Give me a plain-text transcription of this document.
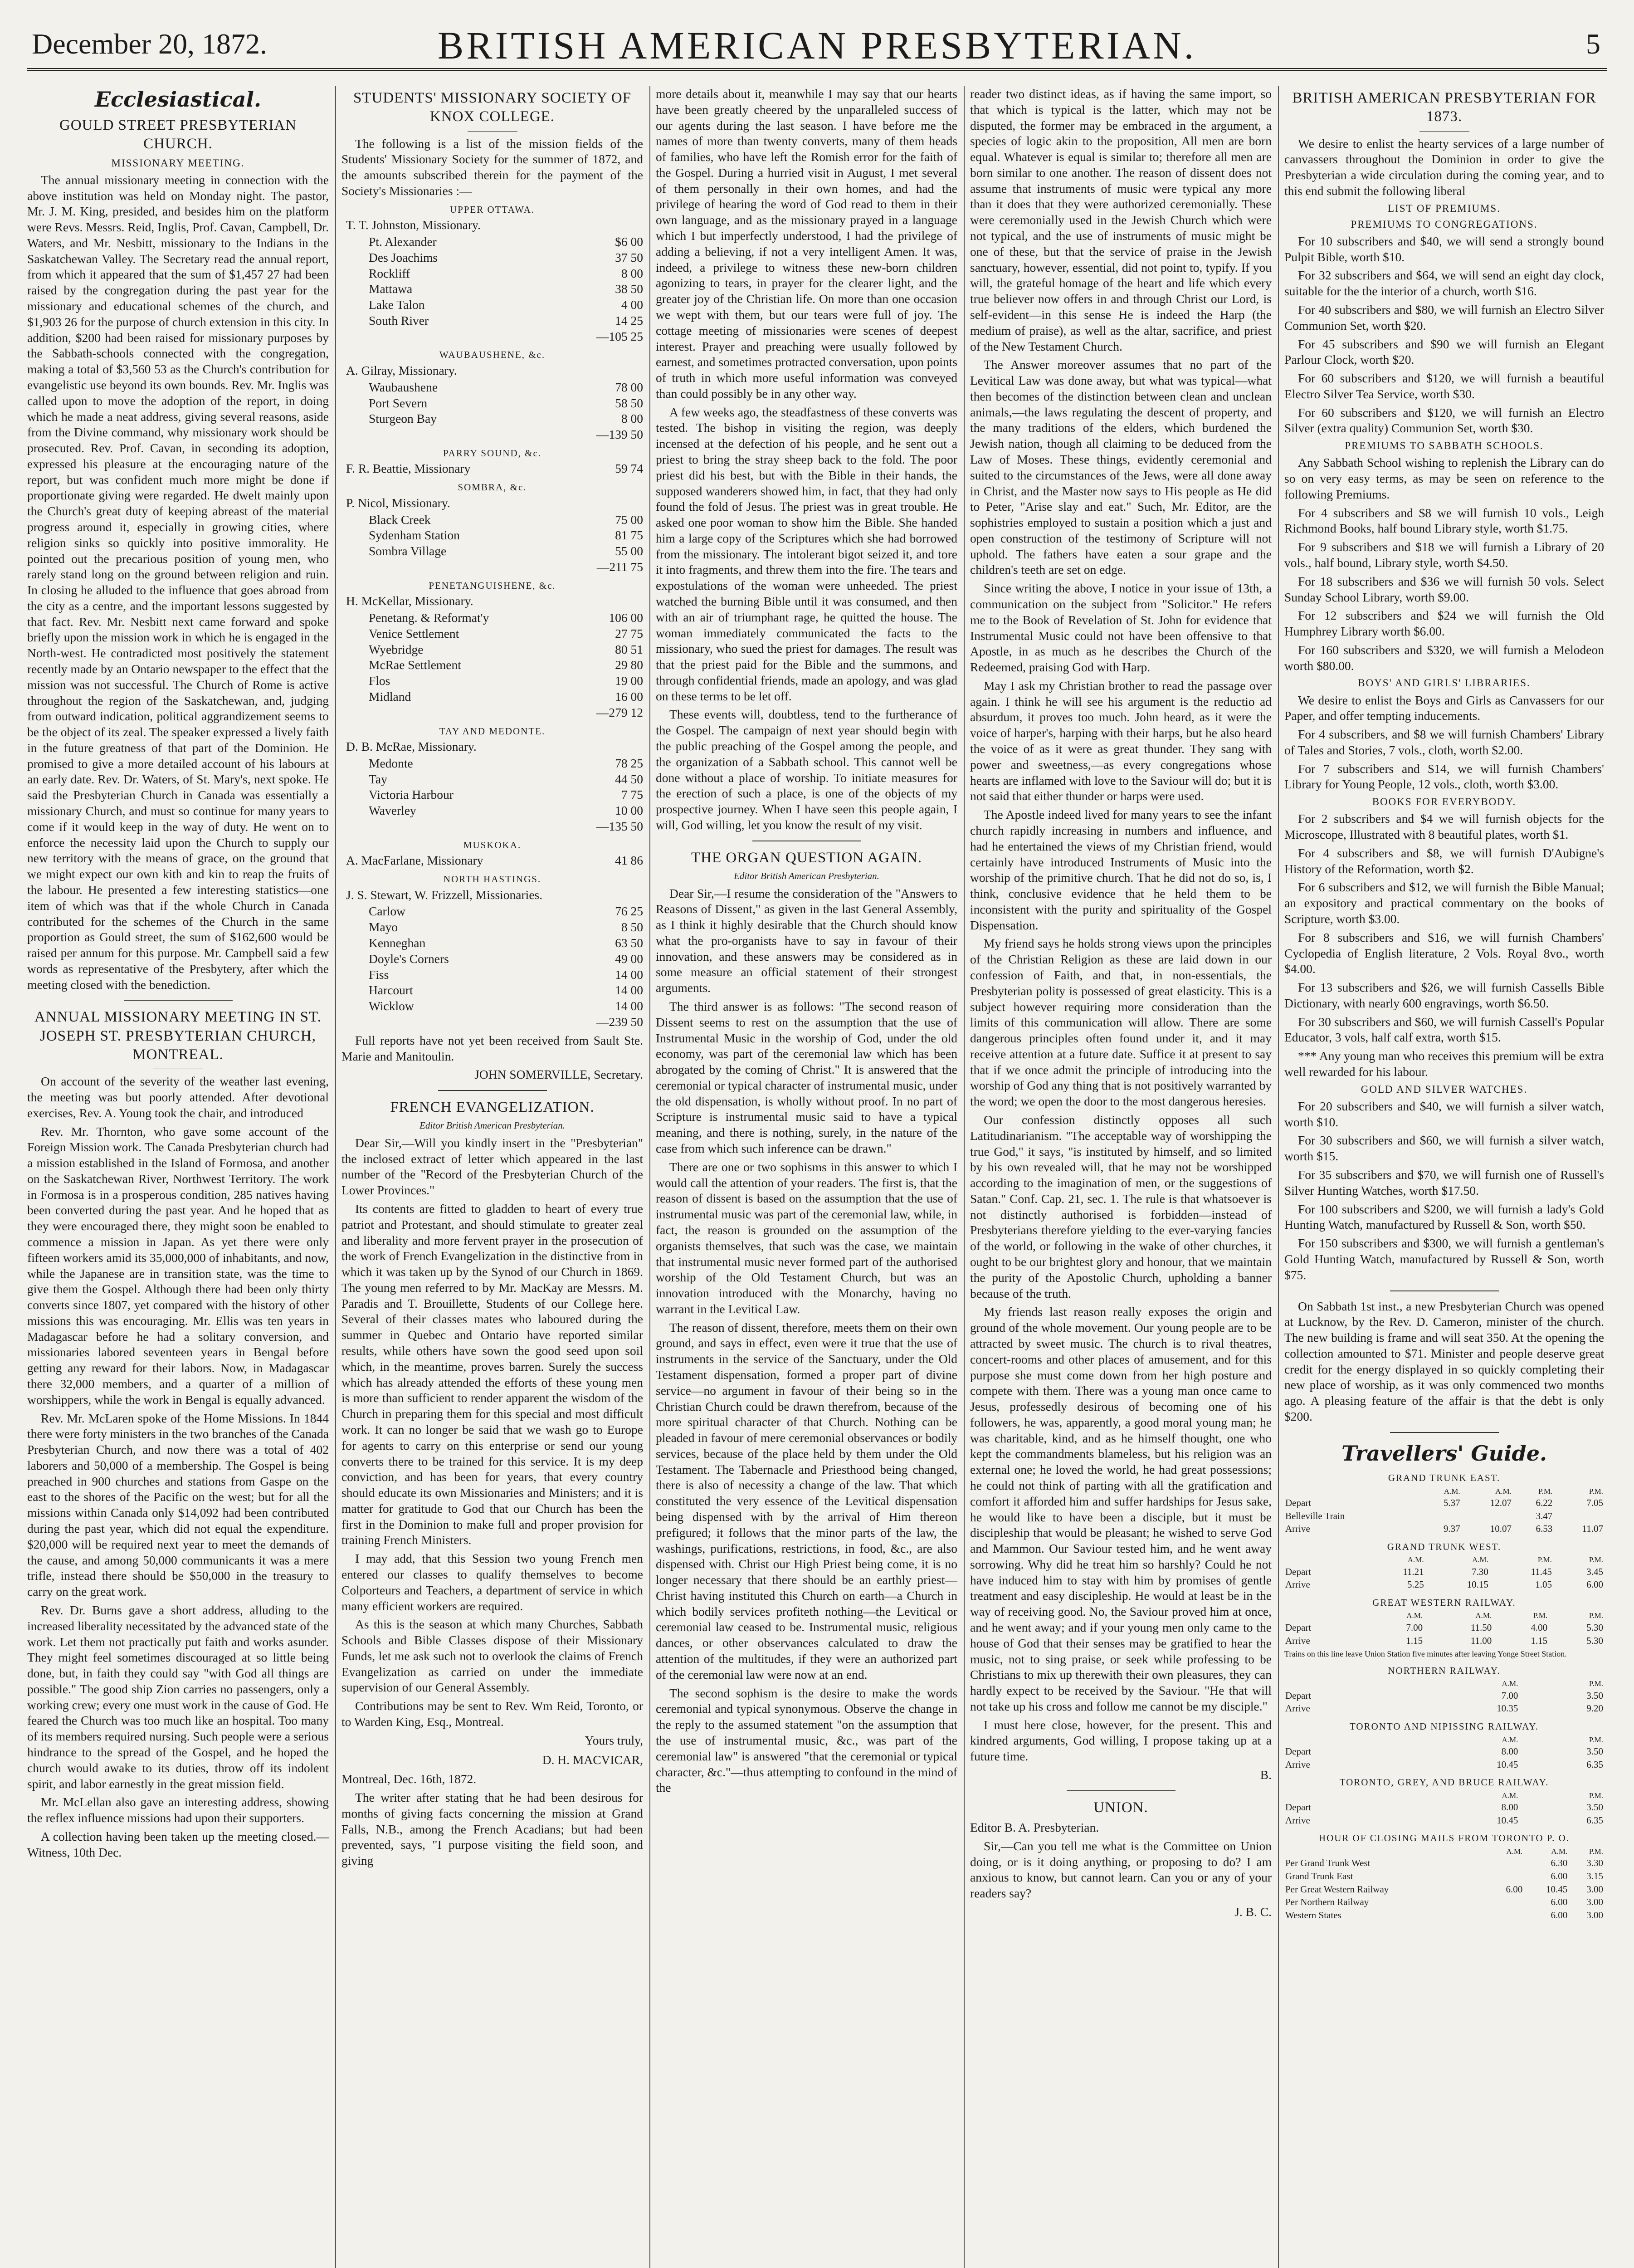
December 20, 1872.	BRITISH AMERICAN PRESBYTERIAN.	5
Ecclesiastical.
GOULD STREET PRESBYTERIAN CHURCH.
MISSIONARY MEETING.

The annual missionary meeting in connection with the above institution was held on Monday night. The pastor, Mr. J. M. King, presided, and besides him on the platform were Revs. Messrs. Reid, Inglis, Prof. Cavan, Campbell, Dr. Waters, and Mr. Nesbitt, missionary to the Indians in the Saskatchewan Valley. The Secretary read the annual report, from which it appeared that the sum of $1,457 27 had been raised by the congregation during the past year for the missionary and educational schemes of the church, and $1,903 26 for the purpose of church extension in this city. In addition, $200 had been raised for missionary purposes by the Sabbath-schools connected with the congregation, making a total of $3,560 53 as the Church's contribution for evangelistic use beyond its own bounds. Rev. Mr. Inglis was called upon to move the adoption of the report, in doing which he made a neat address, giving several reasons, aside from the Divine command, why missionary work should be prosecuted. Rev. Prof. Cavan, in seconding its adoption, expressed his pleasure at the encouraging nature of the report, but was confident much more might be done if proportionate giving were regarded. He dwelt mainly upon the Church's great duty of keeping abreast of the material progress around it, especially in growing cities, where religion sinks so quickly into positive immorality. He pointed out the precarious position of young men, who rarely stand long on the ground between religion and ruin. In closing he alluded to the influence that goes abroad from the city as a centre, and the important lessons suggested by that fact. Rev. Mr. Nesbitt next came forward and spoke briefly upon the mission work in which he is engaged in the North-west. He contradicted most positively the statement recently made by an Ontario newspaper to the effect that the mission was not successful. The Church of Rome is active throughout the region of the Saskatchewan, and, judging from outward indication, political aggrandizement seems to be the object of its zeal. The speaker expressed a lively faith in the future greatness of that part of the Dominion. He promised to give a more detailed account of his labours at an early date. Rev. Dr. Waters, of St. Mary's, next spoke. He said the Presbyterian Church in Canada was essentially a missionary Church, and must so continue for many years to come if it would keep in the way of duty. He went on to enforce the necessity laid upon the Church to supply our new territory with the means of grace, on the ground that we might expect our own kith and kin to reap the fruits of the labour. He presented a few interesting statistics—one item of which was that if the whole Church in Canada contributed for the schemes of the Church in the same proportion as Gould street, the sum of $162,600 would be raised per annum for this purpose. Mr. Campbell said a few words as representative of the Presbytery, after which the meeting closed with the benediction.

ANNUAL MISSIONARY MEETING IN ST. JOSEPH ST. PRESBYTERIAN CHURCH, MONTREAL.

On account of the severity of the weather last evening, the meeting was but poorly attended. After devotional exercises, Rev. A. Young took the chair, and introduced

Rev. Mr. Thornton, who gave some account of the Foreign Mission work. The Canada Presbyterian church had a mission established in the Island of Formosa, and another on the Saskatchewan River, Northwest Territory. The work in Formosa is in a prosperous condition, 285 natives having been converted during the past year. And he hoped that as they were encouraged there, they might soon be enabled to commence a mission in Japan. As yet there were only fifteen workers amid its 35,000,000 of inhabitants, and now, while the Japanese are in transition state, was the time to give them the Gospel. Although there had been only thirty converts since 1807, yet compared with the history of other missions this was encouraging. Mr. Ellis was ten years in Madagascar before he had a solitary conversion, and missionaries labored seventeen years in Bengal before getting any reward for their labors. Now, in Madagascar there 32,000 members, and a quarter of a million of worshippers, while the work in Bengal is equally advanced.

Rev. Mr. McLaren spoke of the Home Missions. In 1844 there were forty ministers in the two branches of the Canada Presbyterian Church, and now there was a total of 402 laborers and 50,000 of a membership. The Gospel is being preached in 900 churches and stations from Gaspe on the east to the shores of the Pacific on the west; but for all the missions within Canada only $14,092 had been contributed during the past year, which did not equal the expenditure. $20,000 will be required next year to meet the demands of the cause, and among 50,000 communicants it was a mere trifle, instead there should be $50,000 in the treasury to carry on the great work.

Rev. Dr. Burns gave a short address, alluding to the increased liberality necessitated by the advanced state of the work. Let them not practically put faith and works asunder. They might feel sometimes discouraged at so little being done, but, in faith they could say "with God all things are possible." The good ship Zion carries no passengers, only a working crew; every one must work in the cause of God. He feared the Church was too much like an hospital. Too many of its members required nursing. Such people were a serious hindrance to the spread of the Gospel, and he hoped the church would awake to its duties, throw off its indolent spirit, and labor earnestly in the great mission field.

Mr. McLellan also gave an interesting address, showing the reflex influence missions had upon their supporters.

A collection having been taken up the meeting closed.—Witness, 10th Dec.

STUDENTS' MISSIONARY SOCIETY OF KNOX COLLEGE.

The following is a list of the mission fields of the Students' Missionary Society for the summer of 1872, and the amounts subscribed therein for the payment of the Society's Missionaries :—

UPPER OTTAWA.
T. T. Johnston, Missionary.
Pt. Alexander	$6 00
Des Joachims	37 50
Rockliff	8 00
Mattawa	38 50
Lake Talon	4 00
South River	14 25
—105 25
WAUBAUSHENE, &c.
A. Gilray, Missionary.
Waubaushene	78 00
Port Severn	58 50
Sturgeon Bay	8 00
—139 50
PARRY SOUND, &c.
F. R. Beattie, Missionary	59 74
SOMBRA, &c.
P. Nicol, Missionary.
Black Creek	75 00
Sydenham Station	81 75
Sombra Village	55 00
—211 75
PENETANGUISHENE, &c.
H. McKellar, Missionary.
Penetang. & Reformat'y	106 00
Venice Settlement	27 75
Wyebridge	80 51
McRae Settlement	29 80
Flos	19 00
Midland	16 00
—279 12
TAY AND MEDONTE.
D. B. McRae, Missionary.
Medonte	78 25
Tay	44 50
Victoria Harbour	7 75
Waverley	10 00
—135 50
MUSKOKA.
A. MacFarlane, Missionary	41 86
NORTH HASTINGS.
J. S. Stewart, W. Frizzell, Missionaries.
Carlow	76 25
Mayo	8 50
Kenneghan	63 50
Doyle's Corners	49 00
Fiss	14 00
Harcourt	14 00
Wicklow	14 00
—239 50

Full reports have not yet been received from Sault Ste. Marie and Manitoulin.

JOHN SOMERVILLE, Secretary.
FRENCH EVANGELIZATION.
Editor British American Presbyterian.

Dear Sir,—Will you kindly insert in the "Presbyterian" the inclosed extract of letter which appeared in the last number of the "Record of the Presbyterian Church of the Lower Provinces."

Its contents are fitted to gladden to heart of every true patriot and Protestant, and should stimulate to greater zeal and liberality and more fervent prayer in the prosecution of the work of French Evangelization in the distinctive from in which it was taken up by the Synod of our Church in 1869. The young men referred to by Mr. MacKay are Messrs. M. Paradis and T. Brouillette, Students of our College here. Several of their classes mates who laboured during the summer in Quebec and Ontario have reported similar results, while others have sown the good seed upon soil which, in the meantime, proves barren. Surely the success which has already attended the efforts of these young men is more than sufficient to render apparent the wisdom of the Church in preparing them for this special and most difficult work. It can no longer be said that we wash go to Europe for agents to carry on this enterprise or send our young converts there to be trained for this service. It is my deep conviction, and has been for years, that every country should educate its own Missionaries and Ministers; and it is matter for gratitude to God that our Church has been the first in the Dominion to make full and proper provision for training French Ministers.

I may add, that this Session two young French men entered our classes to qualify themselves to become Colporteurs and Teachers, a department of service in which many efficient workers are required.

As this is the season at which many Churches, Sabbath Schools and Bible Classes dispose of their Missionary Funds, let me ask such not to overlook the claims of French Evangelization as carried on under the immediate supervision of our General Assembly.

Contributions may be sent to Rev. Wm Reid, Toronto, or to Warden King, Esq., Montreal.

Yours truly,
D. H. MACVICAR,

Montreal, Dec. 16th, 1872.

The writer after stating that he had been desirous for months of giving facts concerning the mission at Grand Falls, N.B., among the French Acadians; but had been prevented, says, "I purpose visiting the field soon, and giving

more details about it, meanwhile I may say that our hearts have been greatly cheered by the unparalleled success of our agents during the last season. I have before me the names of more than twenty converts, many of them heads of families, who have left the Romish error for the faith of the Gospel. During a hurried visit in August, I met several of them personally in their own homes, and had the privilege of hearing the word of God read to them in their own language, and as the missionary prayed in a language which I but imperfectly understood, I had the privilege of adding a believing, if not a very intelligent Amen. It was, indeed, a privilege to witness these new-born children agonizing to tears, in prayer for the clearer light, and the greater joy of the Christian life. On more than one occasion we wept with them, but our tears were full of joy. The cottage meeting of missionaries were scenes of deepest interest. Prayer and preaching were usually followed by earnest, and sometimes protracted conversation, upon points of truth in which more useful information was conveyed than could possibly be in any other way.

A few weeks ago, the steadfastness of these converts was tested. The bishop in visiting the region, was deeply incensed at the defection of his people, and he sent out a priest to bring the stray sheep back to the fold. The poor priest did his best, but with the Bible in their hands, the supposed wanderers showed him, in fact, that they had only found the fold of Jesus. The priest was in great trouble. He asked one poor woman to show him the Bible. She handed him a large copy of the Scriptures which she had borrowed from the missionary. The intolerant bigot seized it, and tore it into fragments, and threw them into the fire. The tears and expostulations of the woman were unheeded. The priest watched the burning Bible until it was consumed, and then with an air of triumphant rage, he quitted the house. The woman immediately communicated the facts to the missionary, who sued the priest for damages. The result was that the priest paid for the Bible and the summons, and through confidential friends, made an apology, and was glad on these terms to be let off.

These events will, doubtless, tend to the furtherance of the Gospel. The campaign of next year should begin with the public preaching of the Gospel among the people, and the organization of a Sabbath school. This cannot well be done without a place of worship. To initiate measures for the erection of such a place, is one of the objects of my prospective journey. When I have seen this people again, I will, God willing, let you know the result of my visit.

THE ORGAN QUESTION AGAIN.
Editor British American Presbyterian.

Dear Sir,—I resume the consideration of the "Answers to Reasons of Dissent," as given in the last General Assembly, as I think it highly desirable that the Church should know what the pro-organists have to say in favour of their innovation, and these answers may be considered as in some measure an official statement of their strongest arguments.

The third answer is as follows: "The second reason of Dissent seems to rest on the assumption that the use of Instrumental Music in the worship of God, under the old economy, was part of the ceremonial law which has been abrogated by the coming of Christ." It is answered that the ceremonial or typical character of instrumental music, under the old dispensation, is wholly without proof. In no part of Scripture is instrumental music said to have a typical meaning, and there is nothing, surely, in the nature of the case from which such inference can be drawn."

There are one or two sophisms in this answer to which I would call the attention of your readers. The first is, that the reason of dissent is based on the assumption that the use of instrumental music was part of the ceremonial law, while, in fact, the reason is grounded on the assumption of the organists themselves, that such was the case, we maintain that instrumental music never formed part of the authorised worship of the Old Testament Church, but was an innovation introduced with the Monarchy, having no warrant in the Levitical Law.

The reason of dissent, therefore, meets them on their own ground, and says in effect, even were it true that the use of instruments in the service of the Sanctuary, under the Old Testament dispensation, formed a proper part of divine service—no argument in favour of their being so in the Christian Church could be drawn therefrom, because of the more spiritual character of that Church. Nothing can be pleaded in favour of mere ceremonial observances or bodily services, because of the place held by them under the Old Testament. The Tabernacle and Priesthood being changed, there is also of necessity a change of the law. That which constituted the very essence of the Levitical dispensation being dispensed with by the arrival of Him thereon prefigured; it follows that the minor parts of the law, the washings, purifications, restrictions, in food, &c., are also dispensed with. Christ our High Priest being come, it is no longer necessary that there should be an earthly priest—Christ having instituted this Church on earth—a Church in which bodily services profiteth nothing—the Levitical or ceremonial law ceased to be. Instrumental music, religious dances, or other observances calculated to draw the attention of the multitudes, if they were an authorized part of the ceremonial law were now at an end.

The second sophism is the desire to make the words ceremonial and typical synonymous. Observe the change in the reply to the assumed statement "on the assumption that the use of instrumental music, &c., was part of the ceremonial law" is answered "that the ceremonial or typical character, &c."—thus attempting to confound in the mind of the

reader two distinct ideas, as if having the same import, so that which is typical is the latter, which may not be disputed, the former may be embraced in the argument, a species of logic akin to the proposition, All men are born equal. Whatever is equal is similar to; therefore all men are born similar to one another. The reason of dissent does not assume that instruments of music were typical any more than it does that they were authorized ceremonially. These were ceremonially used in the Jewish Church which were not typical, and the use of instruments of music might be one of these, but that the service of praise in the Jewish sanctuary, however, essential, did not point to, typify. If you will, the grateful homage of the heart and life which every true believer now offers in and through Christ our Lord, is self-evident—in this sense He is indeed the Harp (the medium of praise), as well as the altar, sacrifice, and priest of the New Testament Church.

The Answer moreover assumes that no part of the Levitical Law was done away, but what was typical—what then becomes of the distinction between clean and unclean animals,—the laws regulating the descent of property, and the many traditions of the elders, which burdened the Jewish nation, though all claiming to be deduced from the Law of Moses. These things, evidently ceremonial and suited to the circumstances of the Jews, were all done away in Christ, and the Master now says to His people as He did to Peter, "Arise slay and eat." Such, Mr. Editor, are the sophistries employed to sustain a position which a just and open construction of the testimony of Scripture will not uphold. The fathers have eaten a sour grape and the children's teeth are set on edge.

Since writing the above, I notice in your issue of 13th, a communication on the subject from "Solicitor." He refers me to the Book of Revelation of St. John for evidence that Instrumental Music could not have been offensive to that Apostle, in as much as he describes the Church of the Redeemed, praising God with Harp.

May I ask my Christian brother to read the passage over again. I think he will see his argument is the reductio ad absurdum, it proves too much. John heard, as it were the voice of harper's, harping with their harps, but he also heard the voice of as it were as great thunder. They sang with power and sweetness,—as every congregations whose hearts are inflamed with love to the Saviour will do; but it is not said that either thunder or harps were used.

The Apostle indeed lived for many years to see the infant church rapidly increasing in numbers and influence, and had he entertained the views of my Christian friend, would certainly have introduced Instruments of Music into the worship of the primitive church. That he did not do so, is, I think, conclusive evidence that he held them to be inconsistent with the purity and spirituality of the Gospel Dispensation.

My friend says he holds strong views upon the principles of the Christian Religion as these are laid down in our confession of Faith, and that, in non-essentials, the Presbyterian polity is possessed of great elasticity. This is a subject however requiring more consideration than the limits of this communication will allow. There are some dangerous principles often found under it, and it may receive attention at a future date. Suffice it at present to say that if we once admit the principle of introducing into the worship of God any thing that is not positively warranted by the word; we open the door to the most dangerous heresies.

Our confession distinctly opposes all such Latitudinarianism. "The acceptable way of worshipping the true God," it says, "is instituted by himself, and so limited by his own revealed will, that he may not be worshipped according to the imagination of men, or the suggestions of Satan." Conf. Cap. 21, sec. 1. The rule is that whatsoever is not distinctly authorised is forbidden—instead of Presbyterians therefore yielding to the ever-varying fancies of the world, or following in the wake of other churches, it ought to be our brightest glory and honour, that we maintain the purity of the Apostolic Church, upholding a banner because of the truth.

My friends last reason really exposes the origin and ground of the whole movement. Our young people are to be attracted by sweet music. The church is to rival theatres, concert-rooms and other places of amusement, and for this purpose she must come down from her high posture and compete with them. There was a young man once came to Jesus, professedly desirous of becoming one of his followers, he was, apparently, a good moral young man; he was charitable, kind, and as he himself thought, one who kept the commandments blameless, but his religion was an external one; he loved the world, he had great possessions; he could not think of parting with all the gratification and comfort it afforded him and suffer hardships for Jesus sake, he would like to have been a disciple, but it must be discipleship that would be pleasant; he wished to serve God and Mammon. Our Saviour tested him, and he went away sorrowing. Why did he treat him so harshly? Could he not have induced him to stay with him by promises of gentle treatment and easy discipleship. He would at least be in the way of receiving good. No, the Saviour proved him at once, and he went away; and if your young men only came to the house of God that their senses may be gratified to hear the music, not to sing praise, or seek while professing to be Christians to mix up therewith their own pleasures, they can hardly expect to be received by the Saviour. "He that will not take up his cross and follow me cannot be my disciple."

I must here close, however, for the present. This and kindred arguments, God willing, I propose taking up at a future time.

B.
UNION.

Editor B. A. Presbyterian.

Sir,—Can you tell me what is the Committee on Union doing, or is it doing anything, or proposing to do? I am anxious to know, but cannot learn. Can you or any of your readers say?

J. B. C.
BRITISH AMERICAN PRESBYTERIAN FOR 1873.

We desire to enlist the hearty services of a large number of canvassers throughout the Dominion in order to give the Presbyterian a wide circulation during the coming year, and to this end submit the following liberal

LIST OF PREMIUMS.
PREMIUMS TO CONGREGATIONS.

For 10 subscribers and $40, we will send a strongly bound Pulpit Bible, worth $10.

For 32 subscribers and $64, we will send an eight day clock, suitable for the the interior of a church, worth $16.

For 40 subscribers and $80, we will furnish an Electro Silver Communion Set, worth $20.

For 45 subscribers and $90 we will furnish an Elegant Parlour Clock, worth $20.

For 60 subscribers and $120, we will furnish a beautiful Electro Silver Tea Service, worth $30.

For 60 subscribers and $120, we will furnish an Electro Silver (extra quality) Communion Set, worth $30.

PREMIUMS TO SABBATH SCHOOLS.

Any Sabbath School wishing to replenish the Library can do so on very easy terms, as may be seen on reference to the following Premiums.

For 4 subscribers and $8 we will furnish 10 vols., Leigh Richmond Books, half bound Library style, worth $1.75.

For 9 subscribers and $18 we will furnish a Library of 20 vols., half bound, Library style, worth $4.50.

For 18 subscribers and $36 we will furnish 50 vols. Select Sunday School Library, worth $9.00.

For 12 subscribers and $24 we will furnish the Old Humphrey Library worth $6.00.

For 160 subscribers and $320, we will furnish a Melodeon worth $80.00.

BOYS' AND GIRLS' LIBRARIES.

We desire to enlist the Boys and Girls as Canvassers for our Paper, and offer tempting inducements.

For 4 subscribers, and $8 we will furnish Chambers' Library of Tales and Stories, 7 vols., cloth, worth $2.00.

For 7 subscribers and $14, we will furnish Chambers' Library for Young People, 12 vols., cloth, worth $3.00.

BOOKS FOR EVERYBODY.

For 2 subscribers and $4 we will furnish objects for the Microscope, Illustrated with 8 beautiful plates, worth $1.

For 4 subscribers and $8, we will furnish D'Aubigne's History of the Reformation, worth $2.

For 6 subscribers and $12, we will furnish the Bible Manual; an expository and practical commentary on the books of Scripture, worth $3.00.

For 8 subscribers and $16, we will furnish Chambers' Cyclopedia of English literature, 2 Vols. Royal 8vo., worth $4.00.

For 13 subscribers and $26, we will furnish Cassells Bible Dictionary, with nearly 600 engravings, worth $6.50.

For 30 subscribers and $60, we will furnish Cassell's Popular Educator, 3 vols, half calf extra, worth $15.

*** Any young man who receives this premium will be extra well rewarded for his labour.

GOLD AND SILVER WATCHES.

For 20 subscribers and $40, we will furnish a silver watch, worth $10.

For 30 subscribers and $60, we will furnish a silver watch, worth $15.

For 35 subscribers and $70, we will furnish one of Russell's Silver Hunting Watches, worth $17.50.

For 100 subscribers and $200, we will furnish a lady's Gold Hunting Watch, manufactured by Russell & Son, worth $50.

For 150 subscribers and $300, we will furnish a gentleman's Gold Hunting Watch, manufactured by Russell & Son, worth $75.

On Sabbath 1st inst., a new Presbyterian Church was opened at Lucknow, by the Rev. D. Cameron, minister of the church. The new building is frame and will seat 350. At the opening the collection amounted to $71. Minister and people deserve great credit for the energy displayed in so quickly completing their new place of worship, as it was only commenced two months ago. A pleasing feature of the affair is that the debt is only $200.

Travellers' Guide.
GRAND TRUNK EAST.
	A.M.	A.M.	P.M.	P.M.
Depart	5.37	12.07	6.22	7.05
Belleville Train			3.47	
Arrive	9.37	10.07	6.53	11.07
GRAND TRUNK WEST.
	A.M.	A.M.	P.M.	P.M.
Depart	11.21	7.30	11.45	3.45
Arrive	5.25	10.15	1.05	6.00
GREAT WESTERN RAILWAY.
	A.M.	A.M.	P.M.	P.M.
Depart	7.00	11.50	4.00	5.30
Arrive	1.15	11.00	1.15	5.30
Trains on this line leave Union Station five minutes after leaving Yonge Street Station.
NORTHERN RAILWAY.
	A.M.	P.M.
Depart	7.00	3.50
Arrive	10.35	9.20
TORONTO AND NIPISSING RAILWAY.
	A.M.	P.M.
Depart	8.00	3.50
Arrive	10.45	6.35
TORONTO, GREY, AND BRUCE RAILWAY.
	A.M.	P.M.
Depart	8.00	3.50
Arrive	10.45	6.35
HOUR OF CLOSING MAILS FROM TORONTO P. O.
	A.M.	A.M.	P.M.
Per Grand Trunk West		6.30	3.30
Grand Trunk East		6.00	3.15
Per Great Western Railway	6.00	10.45	3.00
Per Northern Railway		6.00	3.00
Western States		6.00	3.00
